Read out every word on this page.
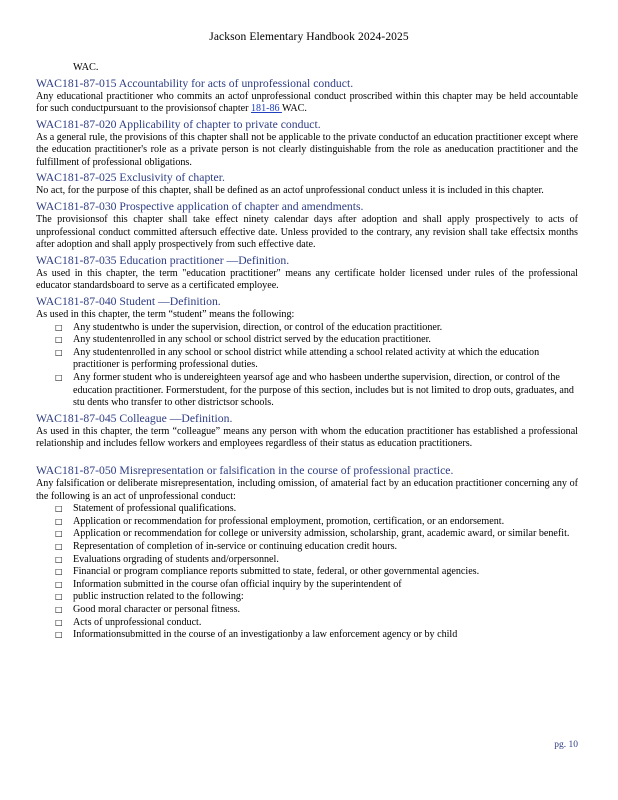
Jackson Elementary Handbook 2024-2025
WAC.
WAC181-87-015 Accountability for acts of unprofessional conduct.

Any educational practitioner who commits an actof unprofessional conduct proscribed within this chapter may be held accountable for such conductpursuant to the provisionsof chapter 181-86 WAC.

WAC181-87-020 Applicability of chapter to private conduct.

As a general rule, the provisions of this chapter shall not be applicable to the private conductof an education practitioner except where the education practitioner's role as a private person is not clearly distinguishable from the role as aneducation practitioner and the fulfillment of professional obligations.

WAC181-87-025 Exclusivity of chapter.

No act, for the purpose of this chapter, shall be defined as an actof unprofessional conduct unless it is included in this chapter.

WAC181-87-030 Prospective application of chapter and amendments.

The provisionsof this chapter shall take effect ninety calendar days after adoption and shall apply prospectively to acts of unprofessional conduct committed aftersuch effective date. Unless provided to the contrary, any revision shall take effectsix months after adoption and shall apply prospectively from such effective date.

WAC181-87-035 Education practitioner —Definition.

As used in this chapter, the term "education practitioner" means any certificate holder licensed under rules of the professional educator standardsboard to serve as a certificated employee.

WAC181-87-040 Student —Definition.

As used in this chapter, the term “student” means the following:

□ Any studentwho is under the supervision, direction, or control of the education practitioner.
□ Any studentenrolled in any school or school district served by the education practitioner.
□ Any studentenrolled in any school or school district while attending a school related activity at which the education practitioner is performing professional duties.
□ Any former student who is undereighteen yearsof age and who hasbeen underthe supervision, direction, or control of the education practitioner. Formerstudent, for the purpose of this section, includes but is not limited to drop outs, graduates, and stu dents who transfer to other districtsor schools.
WAC181-87-045 Colleague —Definition.

As used in this chapter, the term “colleague” means any person with whom the education practitioner has established a professional relationship and includes fellow workers and employees regardless of their status as education practitioners.

WAC181-87-050 Misrepresentation or falsification in the course of professional practice.

Any falsification or deliberate misrepresentation, including omission, of amaterial fact by an education practitioner concerning any of the following is an act of unprofessional conduct:

□ Statement of professional qualifications.
□ Application or recommendation for professional employment, promotion, certification, or an endorsement.
□ Application or recommendation for college or university admission, scholarship, grant, academic award, or similar benefit.
□ Representation of completion of in-service or continuing education credit hours.
□ Evaluations orgrading of students and/orpersonnel.
□ Financial or program compliance reports submitted to state, federal, or other governmental agencies.
□ Information submitted in the course ofan official inquiry by the superintendent of
□ public instruction related to the following:
□ Good moral character or personal fitness.
□ Acts of unprofessional conduct.
□ Informationsubmitted in the course of an investigationby a law enforcement agency or by child
pg. 10
